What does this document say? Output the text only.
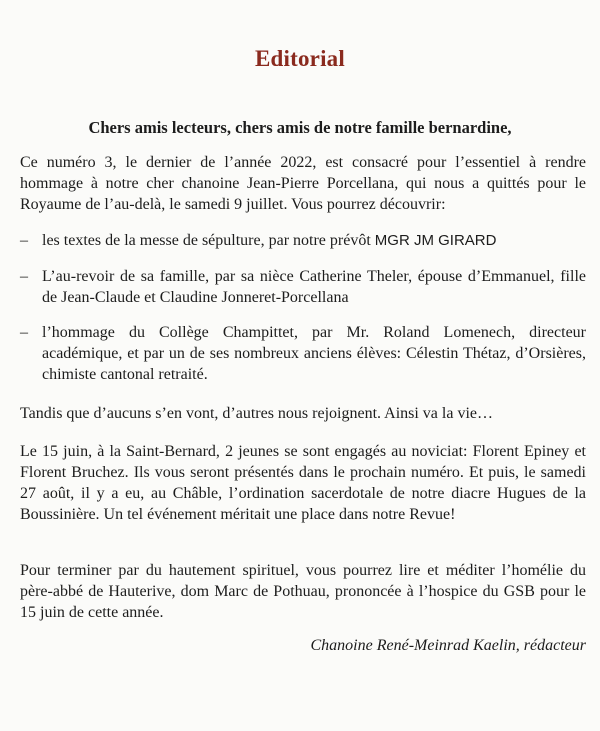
Editorial
Chers amis lecteurs, chers amis de notre famille bernardine,

Ce numéro 3, le dernier de l’année 2022, est consacré pour l’essentiel à rendre hommage à notre cher chanoine Jean-Pierre Porcellana, qui nous a quittés pour le Royaume de l’au-delà, le samedi 9 juillet. Vous pourrez découvrir:

– les textes de la messe de sépulture, par notre prévôt MGR JM GIRARD
– L’au-revoir de sa famille, par sa nièce Catherine Theler, épouse d’Emmanuel, fille de Jean-Claude et Claudine Jonneret-Porcellana
– l’hommage du Collège Champittet, par Mr. Roland Lomenech, directeur académique, et par un de ses nombreux anciens élèves: Célestin Thétaz, d’Orsières, chimiste cantonal retraité.

Tandis que d’aucuns s’en vont, d’autres nous rejoignent. Ainsi va la vie…

Le 15 juin, à la Saint-Bernard, 2 jeunes se sont engagés au noviciat: Florent Epiney et Florent Bruchez. Ils vous seront présentés dans le prochain numéro. Et puis, le samedi 27 août, il y a eu, au Châble, l’ordination sacerdotale de notre diacre Hugues de la Boussinière. Un tel événement méritait une place dans notre Revue!

Pour terminer par du hautement spirituel, vous pourrez lire et méditer l’homélie du père-abbé de Hauterive, dom Marc de Pothuau, prononcée à l’hospice du GSB pour le 15 juin de cette année.

Chanoine René-Meinrad Kaelin, rédacteur
